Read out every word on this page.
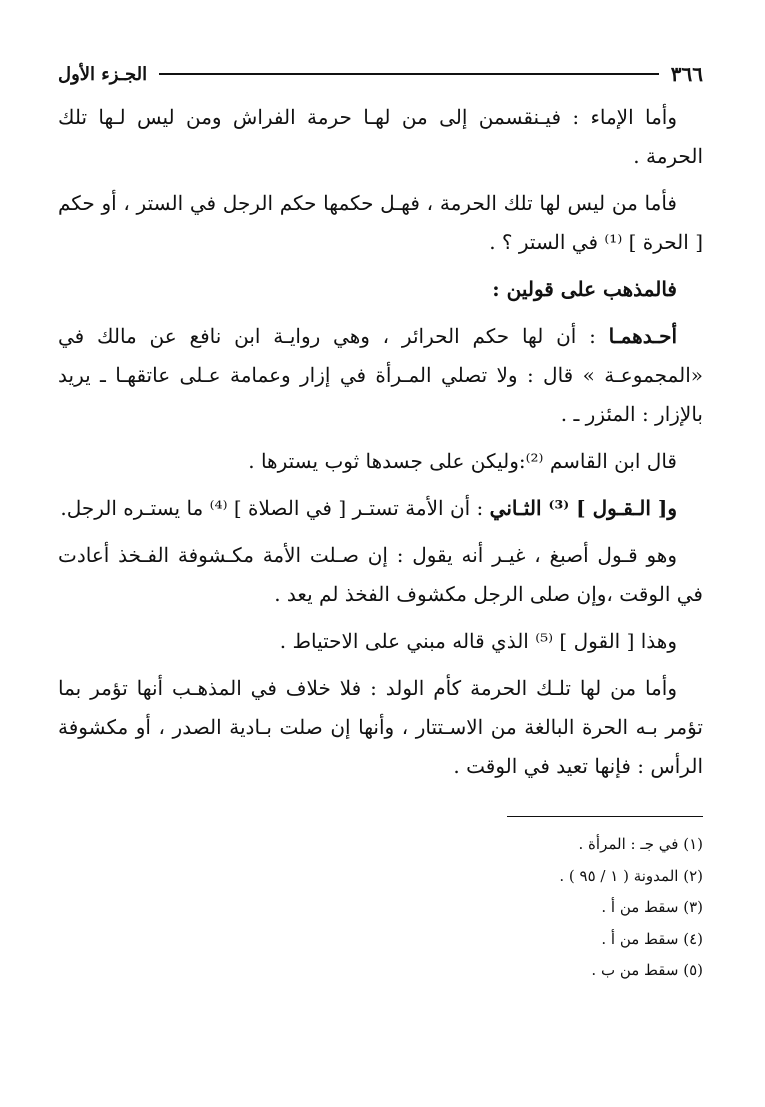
٣٦٦
الجـزء الأول

وأما الإماء : فيـنقسمن إلى من لهـا حرمة الفراش ومن ليس لـها تلك الحرمة .

فأما من ليس لها تلك الحرمة ، فهـل حكمها حكم الرجل في الستر ، أو حكم [ الحرة ] ⁽¹⁾ في الستر ؟ .

فالمذهب على قولين :

أحـدهمـا : أن لها حكم الحرائر ، وهي روايـة ابن نافع عن مالك في «المجموعـة » قال : ولا تصلي المـرأة في إزار وعمامة عـلى عاتقهـا ـ يريد بالإزار : المئزر ـ .

قال ابن القاسم ⁽²⁾:وليكن على جسدها ثوب يسترها .

و[ الـقـول ] ⁽³⁾ الثـاني : أن الأمة تستـر [ في الصلاة ] ⁽⁴⁾ ما يستـره الرجل.

وهو قـول أصبغ ، غيـر أنه يقول : إن صـلت الأمة مكـشوفة الفـخذ أعادت في الوقت ،وإن صلى الرجل مكشوف الفخذ لم يعد .

وهذا [ القول ] ⁽⁵⁾ الذي قاله مبني على الاحتياط .

وأما من لها تلـك الحرمة كأم الولد : فلا خلاف في المذهـب أنها تؤمر بما تؤمر بـه الحرة البالغة من الاسـتتار ، وأنها إن صلت بـادية الصدر ، أو مكشوفة الرأس : فإنها تعيد في الوقت .

(١) في جـ : المرأة .

(٢) المدونة ( ١ / ٩٥ ) .

(٣) سقط من أ .

(٤) سقط من أ .

(٥) سقط من ب .
